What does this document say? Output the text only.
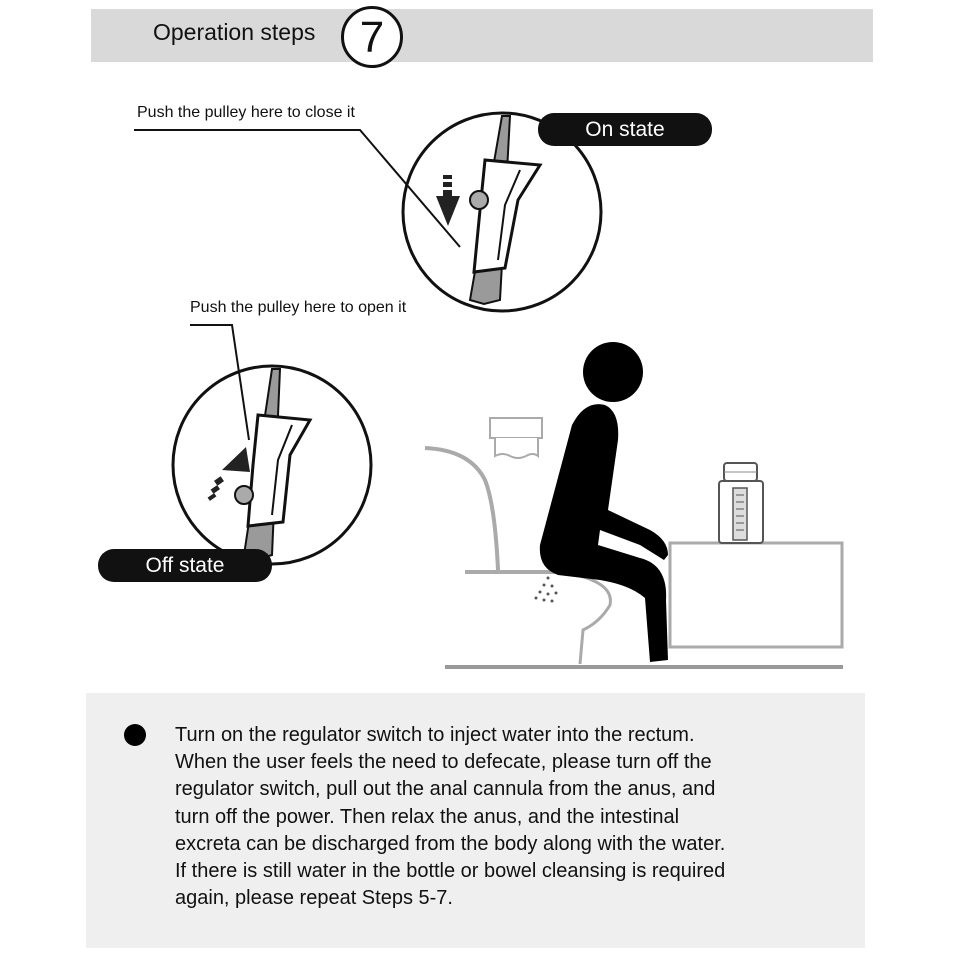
Operation steps 7
Push the pulley here to close it
Push the pulley here to open it
On state
Off state
Turn on the regulator switch to inject water into the rectum.
When the user feels the need to defecate, please turn off the
regulator switch, pull out the anal cannula from the anus, and
turn off the power. Then relax the anus, and the intestinal
excreta can be discharged from the body along with the water.
If there is still water in the bottle or bowel cleansing is required
again, please repeat Steps 5-7.
